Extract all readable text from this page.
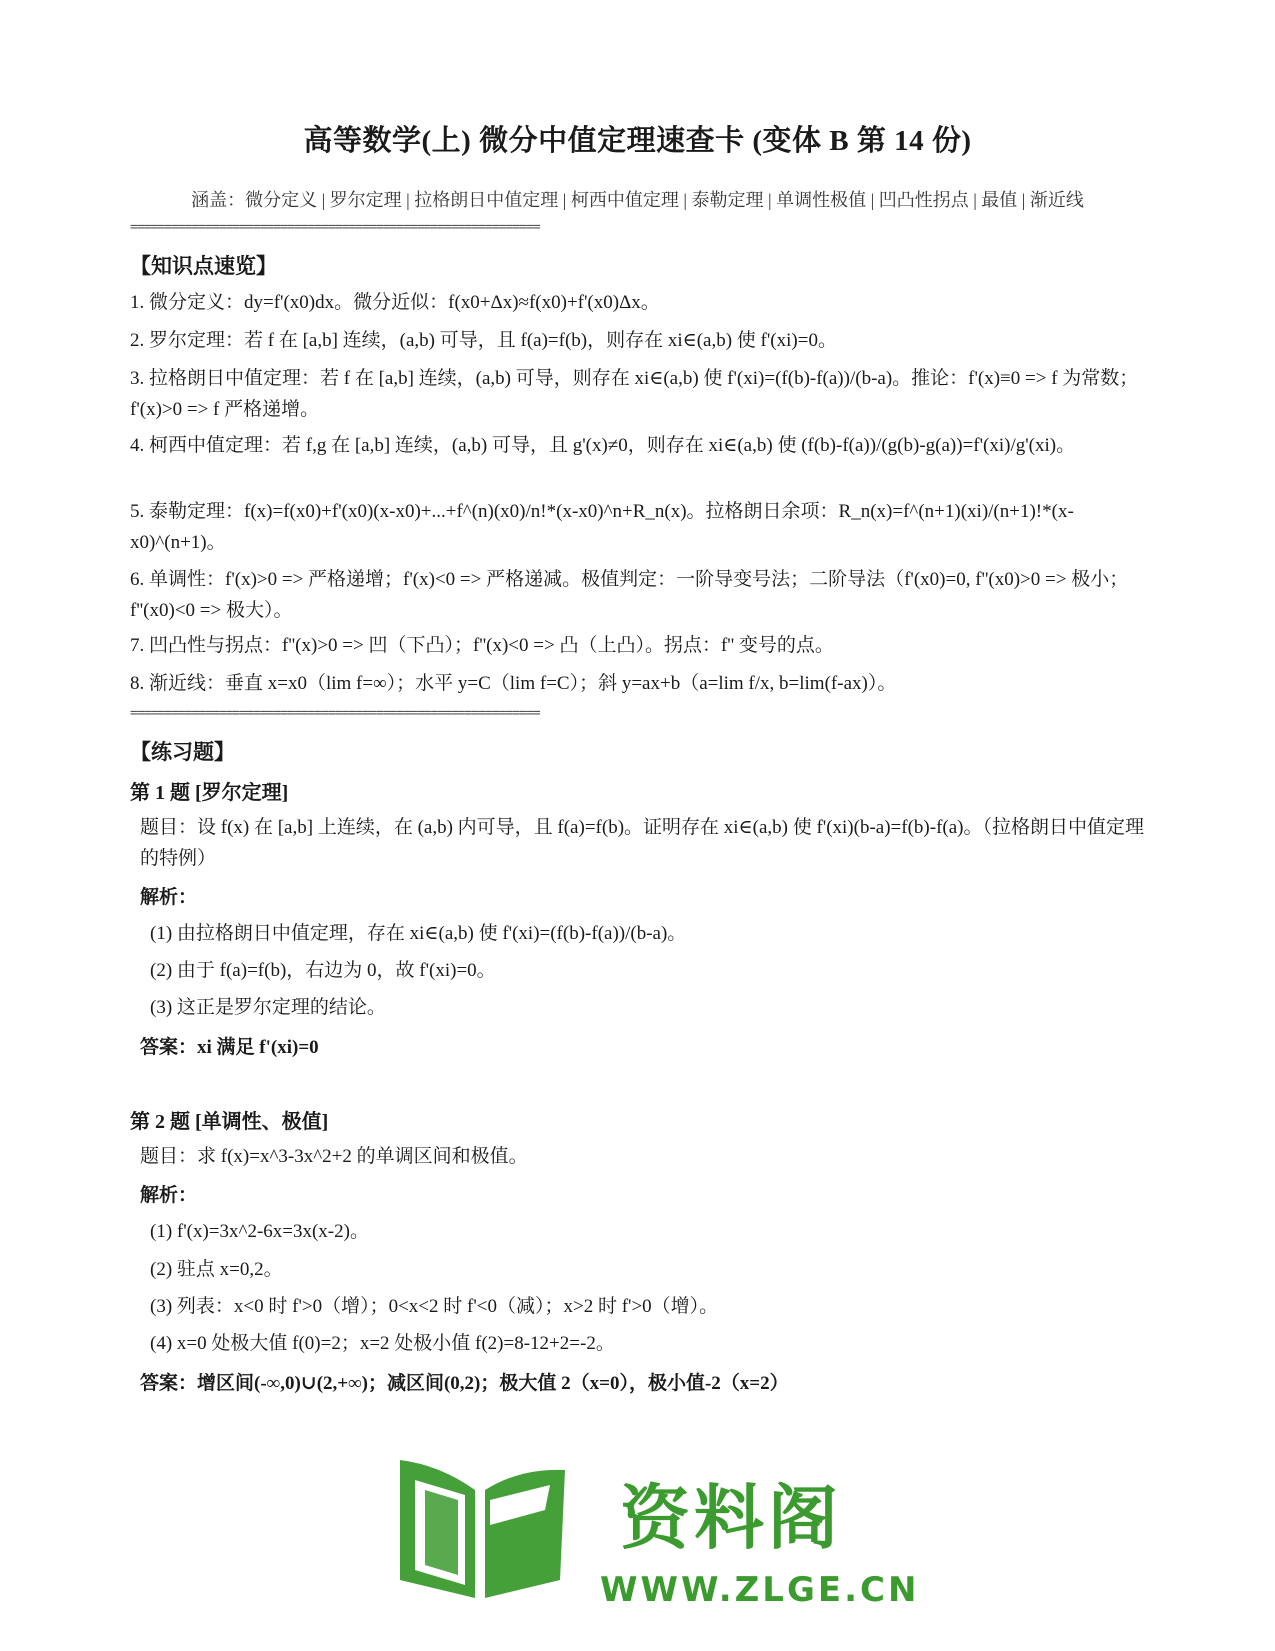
高等数学(上) 微分中值定理速查卡 (变体 B 第 14 份)
涵盖：微分定义 | 罗尔定理 | 拉格朗日中值定理 | 柯西中值定理 | 泰勒定理 | 单调性极值 | 凹凸性拐点 | 最值 | 渐近线
============================================================
【知识点速览】
1. 微分定义：dy=f'(x0)dx。微分近似：f(x0+Δx)≈f(x0)+f'(x0)Δx。
2. 罗尔定理：若 f 在 [a,b] 连续，(a,b) 可导，且 f(a)=f(b)，则存在 xi∈(a,b) 使 f'(xi)=0。
3. 拉格朗日中值定理：若 f 在 [a,b] 连续，(a,b) 可导，则存在 xi∈(a,b) 使 f'(xi)=(f(b)-f(a))/(b-a)。推论：f'(x)≡0 => f 为常数；f'(x)>0 => f 严格递增。
4. 柯西中值定理：若 f,g 在 [a,b] 连续，(a,b) 可导，且 g'(x)≠0，则存在 xi∈(a,b) 使 (f(b)-f(a))/(g(b)-g(a))=f'(xi)/g'(xi)。
5. 泰勒定理：f(x)=f(x0)+f'(x0)(x-x0)+...+f^(n)(x0)/n!*(x-x0)^n+R_n(x)。拉格朗日余项：R_n(x)=f^(n+1)(xi)/(n+1)!*(x-x0)^(n+1)。
6. 单调性：f'(x)>0 => 严格递增；f'(x)<0 => 严格递减。极值判定：一阶导变号法；二阶导法（f'(x0)=0, f''(x0)>0 => 极小；f''(x0)<0 => 极大）。
7. 凹凸性与拐点：f''(x)>0 => 凹（下凸）；f''(x)<0 => 凸（上凸）。拐点：f'' 变号的点。
8. 渐近线：垂直 x=x0（lim f=∞）；水平 y=C（lim f=C）；斜 y=ax+b（a=lim f/x, b=lim(f-ax)）。
============================================================
【练习题】
第 1 题 [罗尔定理]
题目：设 f(x) 在 [a,b] 上连续，在 (a,b) 内可导，且 f(a)=f(b)。证明存在 xi∈(a,b) 使 f'(xi)(b-a)=f(b)-f(a)。（拉格朗日中值定理的特例）
解析：
(1) 由拉格朗日中值定理，存在 xi∈(a,b) 使 f'(xi)=(f(b)-f(a))/(b-a)。
(2) 由于 f(a)=f(b)，右边为 0，故 f'(xi)=0。
(3) 这正是罗尔定理的结论。
答案：xi 满足 f'(xi)=0
第 2 题 [单调性、极值]
题目：求 f(x)=x^3-3x^2+2 的单调区间和极值。
解析：
(1) f'(x)=3x^2-6x=3x(x-2)。
(2) 驻点 x=0,2。
(3) 列表：x<0 时 f'>0（增）；0<x<2 时 f'<0（减）；x>2 时 f'>0（增）。
(4) x=0 处极大值 f(0)=2；x=2 处极小值 f(2)=8-12+2=-2。
答案：增区间(-∞,0)∪(2,+∞)；减区间(0,2)；极大值 2（x=0），极小值-2（x=2）
资料阁
WWW.ZLGE.CN
